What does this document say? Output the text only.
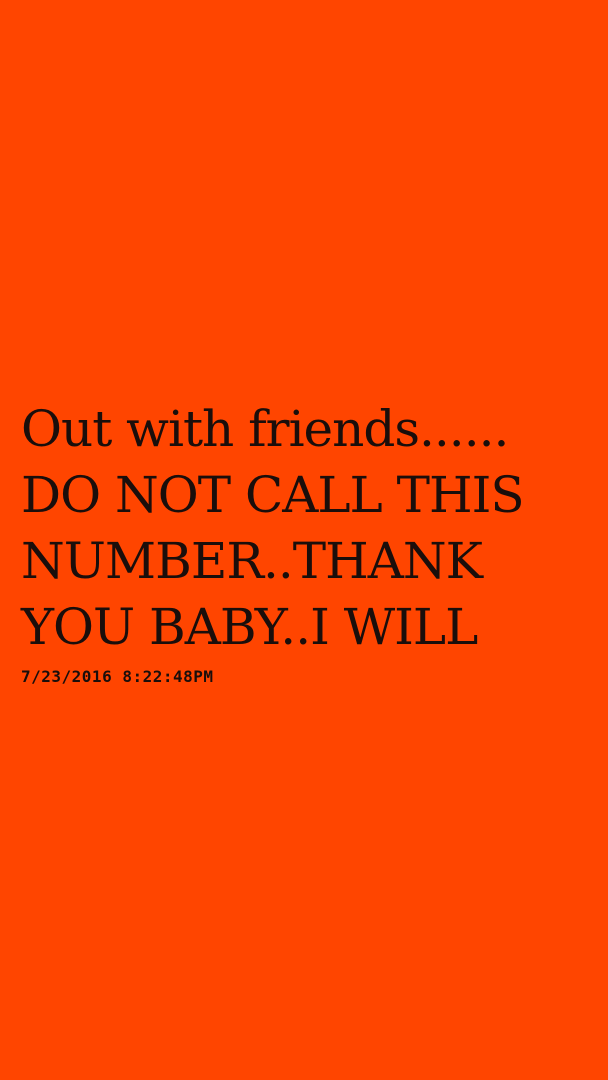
Out with friends......
DO NOT CALL THIS
NUMBER..THANK
YOU BABY..I WILL
7/23/2016 8:22:48PM
